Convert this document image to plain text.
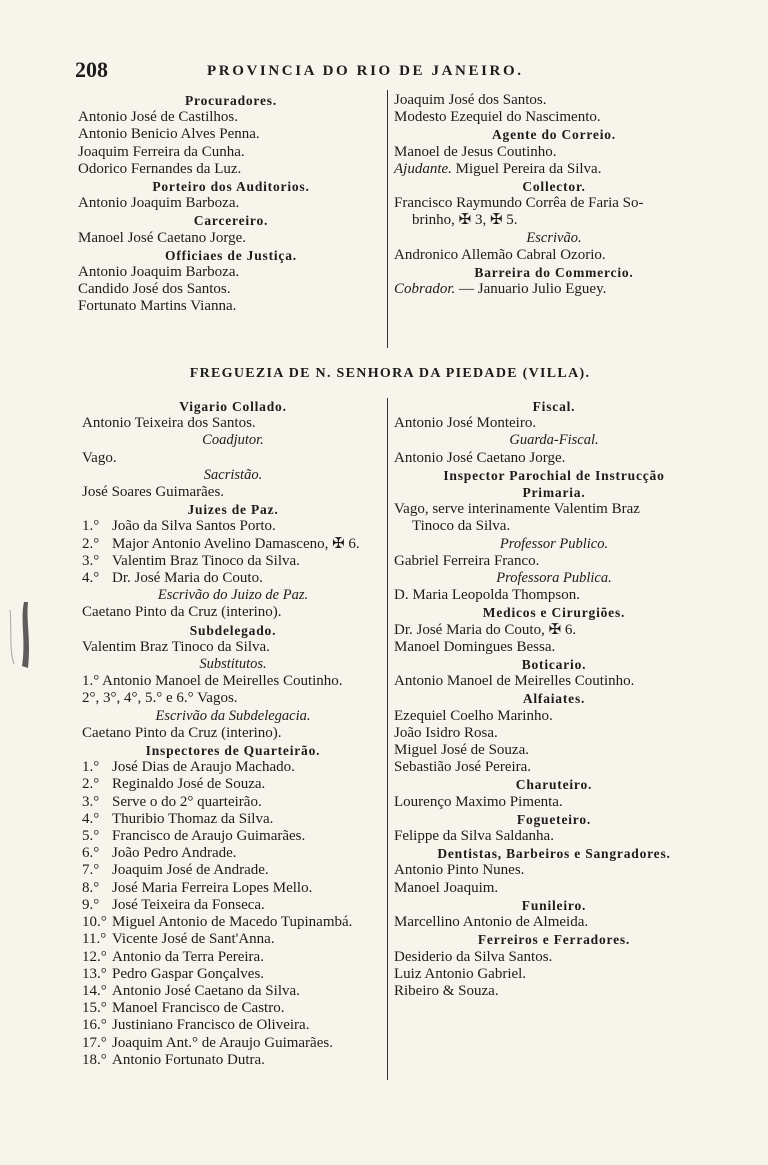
208	PROVINCIA DO RIO DE JANEIRO.
Procuradores.
Antonio José de Castilhos.
Antonio Benicio Alves Penna.
Joaquim Ferreira da Cunha.
Odorico Fernandes da Luz.
Porteiro dos Auditorios.
Antonio Joaquim Barboza.
Carcereiro.
Manoel José Caetano Jorge.
Officiaes de Justiça.
Antonio Joaquim Barboza.
Candido José dos Santos.
Fortunato Martins Vianna.
Joaquim José dos Santos.
Modesto Ezequiel do Nascimento.
Agente do Correio.
Manoel de Jesus Coutinho.
Ajudante. Miguel Pereira da Silva.
Collector.
Francisco Raymundo Corrêa de Faria So-
brinho, ✠ 3, ✠ 5.
Escrivão.
Andronico Allemão Cabral Ozorio.
Barreira do Commercio.
Cobrador. — Januario Julio Eguey.
FREGUEZIA DE N. SENHORA DA PIEDADE (VILLA).
Vigario Collado.
Antonio Teixeira dos Santos.
Coadjutor.
Vago.
Sacristão.
José Soares Guimarães.
Juizes de Paz.
1.° João da Silva Santos Porto.
2.° Major Antonio Avelino Damasceno, ✠ 6.
3.° Valentim Braz Tinoco da Silva.
4.° Dr. José Maria do Couto.
Escrivão do Juizo de Paz.
Caetano Pinto da Cruz (interino).
Subdelegado.
Valentim Braz Tinoco da Silva.
Substitutos.
1.° Antonio Manoel de Meirelles Coutinho.
2°, 3°, 4°, 5.° e 6.° Vagos.
Escrivão da Subdelegacia.
Caetano Pinto da Cruz (interino).
Inspectores de Quarteirão.
1.° José Dias de Araujo Machado.
2.° Reginaldo José de Souza.
3.° Serve o do 2° quarteirão.
4.° Thuribio Thomaz da Silva.
5.° Francisco de Araujo Guimarães.
6.° João Pedro Andrade.
7.° Joaquim José de Andrade.
8.° José Maria Ferreira Lopes Mello.
9.° José Teixeira da Fonseca.
10.° Miguel Antonio de Macedo Tupinambá.
11.° Vicente José de Sant'Anna.
12.° Antonio da Terra Pereira.
13.° Pedro Gaspar Gonçalves.
14.° Antonio José Caetano da Silva.
15.° Manoel Francisco de Castro.
16.° Justiniano Francisco de Oliveira.
17.° Joaquim Ant.° de Araujo Guimarães.
18.° Antonio Fortunato Dutra.
Fiscal.
Antonio José Monteiro.
Guarda-Fiscal.
Antonio José Caetano Jorge.
Inspector Parochial de Instrucção
Primaria.
Vago, serve interinamente Valentim Braz
Tinoco da Silva.
Professor Publico.
Gabriel Ferreira Franco.
Professora Publica.
D. Maria Leopolda Thompson.
Medicos e Cirurgiões.
Dr. José Maria do Couto, ✠ 6.
Manoel Domingues Bessa.
Boticario.
Antonio Manoel de Meirelles Coutinho.
Alfaiates.
Ezequiel Coelho Marinho.
João Isidro Rosa.
Miguel José de Souza.
Sebastião José Pereira.
Charuteiro.
Lourenço Maximo Pimenta.
Fogueteiro.
Felippe da Silva Saldanha.
Dentistas, Barbeiros e Sangradores.
Antonio Pinto Nunes.
Manoel Joaquim.
Funileiro.
Marcellino Antonio de Almeida.
Ferreiros e Ferradores.
Desiderio da Silva Santos.
Luiz Antonio Gabriel.
Ribeiro & Souza.
